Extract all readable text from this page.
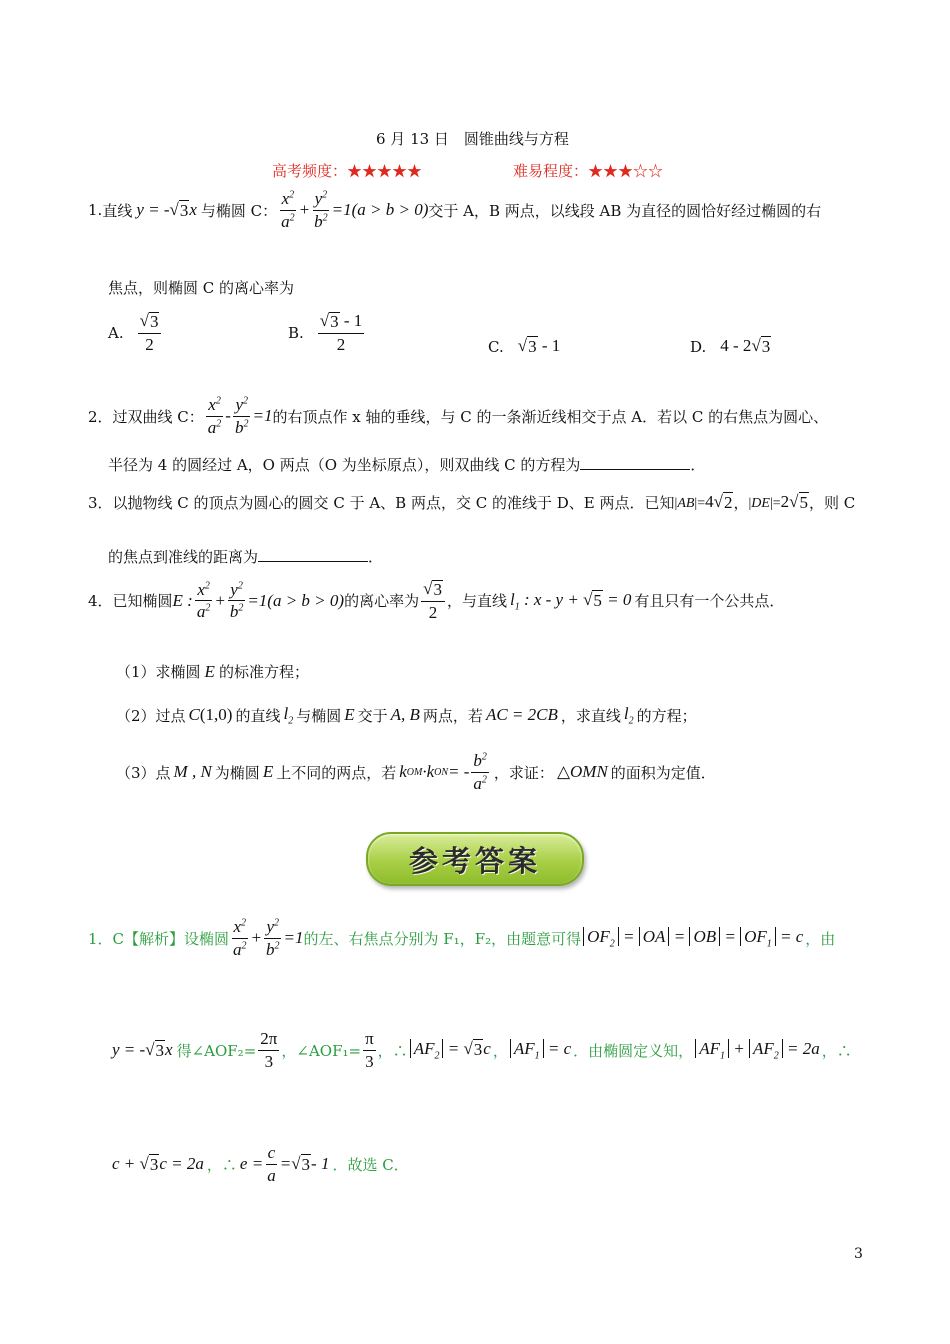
6 月 13 日　圆锥曲线与方程
高考频度：★★★★★	难易程度：★★★☆☆
1. 直线 y = - √ 3 x 与椭圆 C： $\frac{x^2}{a^2} + \frac{y^2}{b^2} =1(a > b > 0)$ 交于 A，B 两点，以线段 AB 为直径的圆恰好经过椭圆的右
焦点，则椭圆 C 的离心率为
A. $\frac{√ 3}{2}$	B. $\frac{√ 3 - 1}{2}$	C. √ 3 - 1	D. 4 - 2 √ 3
2．过双曲线 C： $\frac{x^2}{a^2} - \frac{y^2}{b^2} =1$ 的右顶点作 x 轴的垂线，与 C 的一条渐近线相交于点 A．若以 C 的右焦点为圆心、
半径为 4 的圆经过 A，O 两点（O 为坐标原点），则双曲线 C 的方程为	．
3．以抛物线 C 的顶点为圆心的圆交 C 于 A、B 两点，交 C 的准线于 D、E 两点．已知 |AB|=4 √ 2 ， |DE|=2 √ 5 ，则 C
的焦点到准线的距离为	．
4．已知椭圆 E : $\frac{x^2}{a^2} + \frac{y^2}{b^2} =1(a > b > 0)$ 的离心率为 $\frac{√ 3}{2}$ ，与直线 $l_1$ : x - y + √ 5 = 0 有且只有一个公共点．
（1）求椭圆 E 的标准方程；
（2）过点 C(1,0) 的直线 $l_2$ 与椭圆 E 交于 A, B 两点，若 AC = 2CB ，求直线 $l_2$ 的方程；
（3）点 M , N 为椭圆 E 上不同的两点，若 k OM ·k ON = - $\frac{b^2}{a^2}$ ，求证： △OMN 的面积为定值．
参考答案
1．C【解析】设椭圆 $\frac{x^2}{a^2} + \frac{y^2}{b^2} =1$ 的左、右焦点分别为 F₁，F₂，由题意可得 $OF_2$ = OA = OB = $OF_1 = c$ ，由
y = - √ 3 x 得∠AOF₂= $\frac{2\pi}{3}$ ，∠AOF₁= $\frac{\pi}{3}$ ，∴ $AF_2$ = √ 3 c ， $AF_1 = c$ ．由椭圆定义知， $AF_1 + AF_2 = 2a$ ，∴
c + √ 3 c = 2a ，∴ $e = \frac{c}{a}$ = √ 3 - 1 ．故选 C．
3
